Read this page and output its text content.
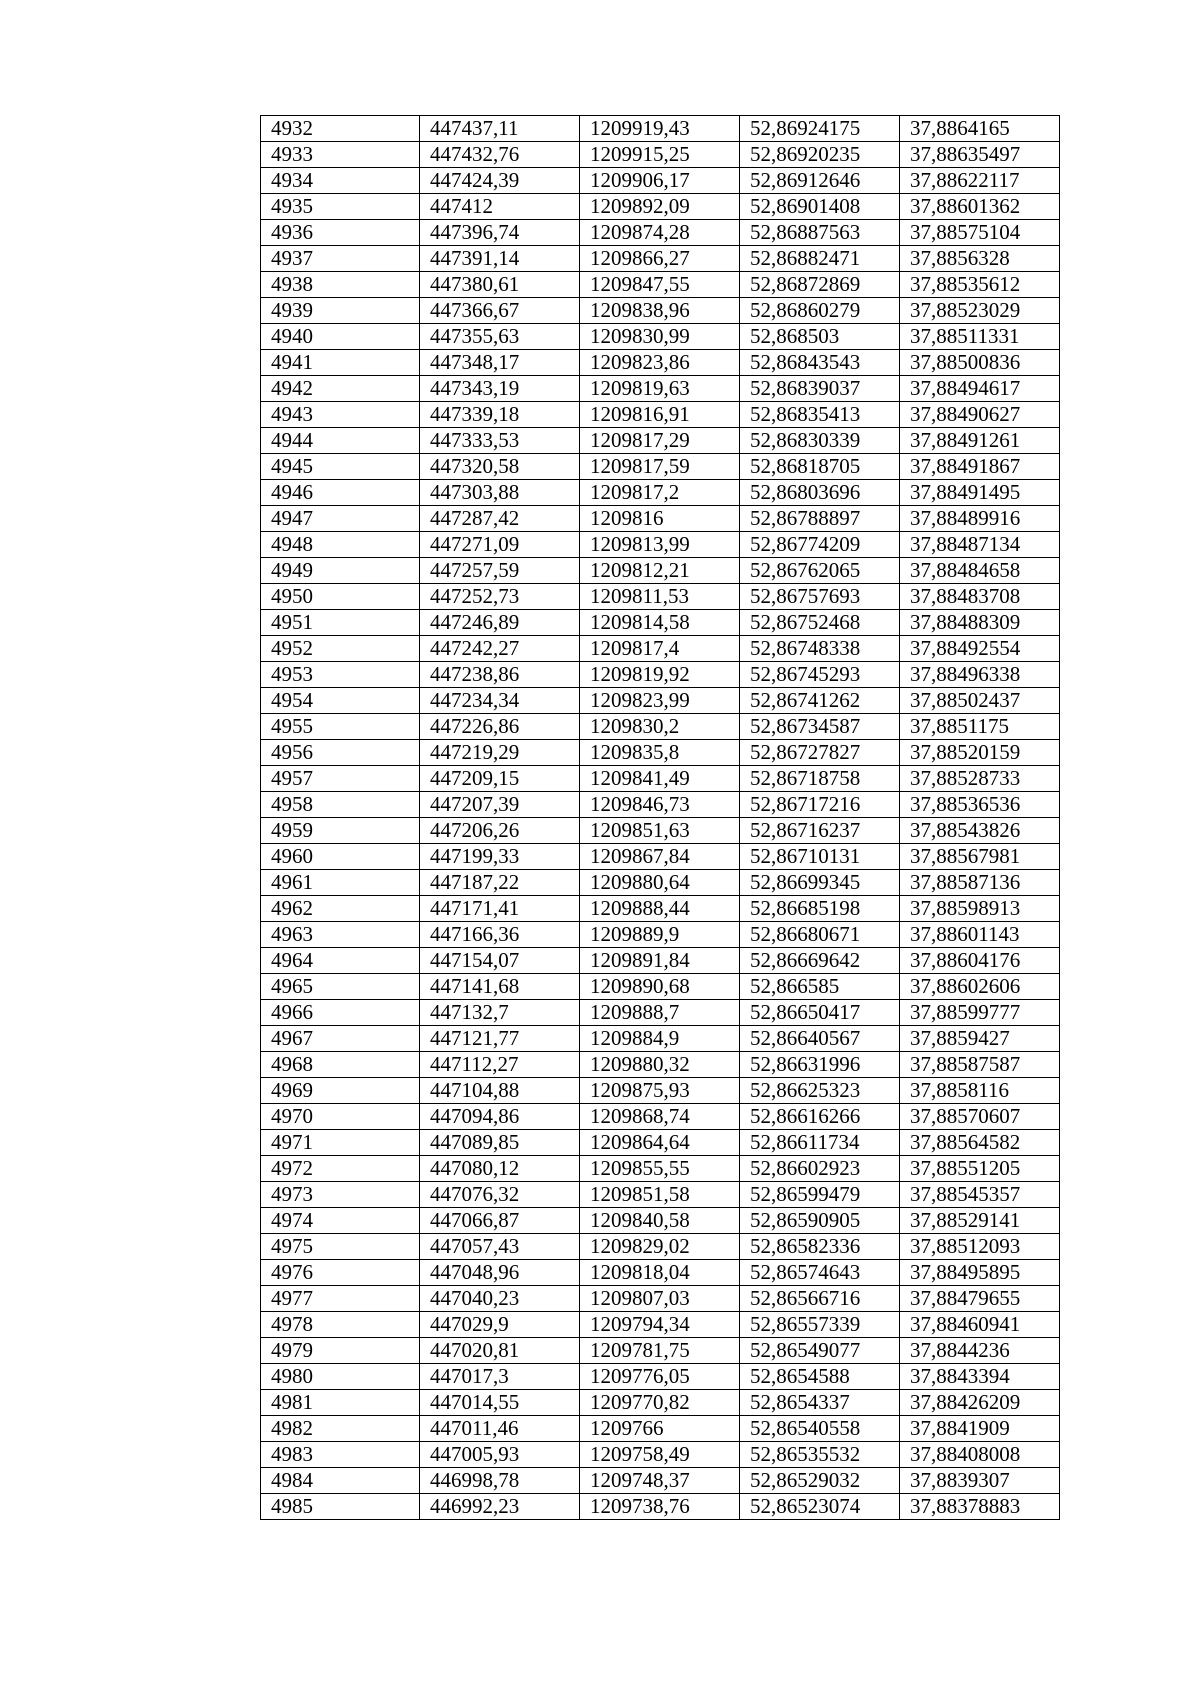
4932	447437,11	1209919,43	52,86924175	37,8864165
4933	447432,76	1209915,25	52,86920235	37,88635497
4934	447424,39	1209906,17	52,86912646	37,88622117
4935	447412	1209892,09	52,86901408	37,88601362
4936	447396,74	1209874,28	52,86887563	37,88575104
4937	447391,14	1209866,27	52,86882471	37,8856328
4938	447380,61	1209847,55	52,86872869	37,88535612
4939	447366,67	1209838,96	52,86860279	37,88523029
4940	447355,63	1209830,99	52,868503	37,88511331
4941	447348,17	1209823,86	52,86843543	37,88500836
4942	447343,19	1209819,63	52,86839037	37,88494617
4943	447339,18	1209816,91	52,86835413	37,88490627
4944	447333,53	1209817,29	52,86830339	37,88491261
4945	447320,58	1209817,59	52,86818705	37,88491867
4946	447303,88	1209817,2	52,86803696	37,88491495
4947	447287,42	1209816	52,86788897	37,88489916
4948	447271,09	1209813,99	52,86774209	37,88487134
4949	447257,59	1209812,21	52,86762065	37,88484658
4950	447252,73	1209811,53	52,86757693	37,88483708
4951	447246,89	1209814,58	52,86752468	37,88488309
4952	447242,27	1209817,4	52,86748338	37,88492554
4953	447238,86	1209819,92	52,86745293	37,88496338
4954	447234,34	1209823,99	52,86741262	37,88502437
4955	447226,86	1209830,2	52,86734587	37,8851175
4956	447219,29	1209835,8	52,86727827	37,88520159
4957	447209,15	1209841,49	52,86718758	37,88528733
4958	447207,39	1209846,73	52,86717216	37,88536536
4959	447206,26	1209851,63	52,86716237	37,88543826
4960	447199,33	1209867,84	52,86710131	37,88567981
4961	447187,22	1209880,64	52,86699345	37,88587136
4962	447171,41	1209888,44	52,86685198	37,88598913
4963	447166,36	1209889,9	52,86680671	37,88601143
4964	447154,07	1209891,84	52,86669642	37,88604176
4965	447141,68	1209890,68	52,866585	37,88602606
4966	447132,7	1209888,7	52,86650417	37,88599777
4967	447121,77	1209884,9	52,86640567	37,8859427
4968	447112,27	1209880,32	52,86631996	37,88587587
4969	447104,88	1209875,93	52,86625323	37,8858116
4970	447094,86	1209868,74	52,86616266	37,88570607
4971	447089,85	1209864,64	52,86611734	37,88564582
4972	447080,12	1209855,55	52,86602923	37,88551205
4973	447076,32	1209851,58	52,86599479	37,88545357
4974	447066,87	1209840,58	52,86590905	37,88529141
4975	447057,43	1209829,02	52,86582336	37,88512093
4976	447048,96	1209818,04	52,86574643	37,88495895
4977	447040,23	1209807,03	52,86566716	37,88479655
4978	447029,9	1209794,34	52,86557339	37,88460941
4979	447020,81	1209781,75	52,86549077	37,8844236
4980	447017,3	1209776,05	52,8654588	37,8843394
4981	447014,55	1209770,82	52,8654337	37,88426209
4982	447011,46	1209766	52,86540558	37,8841909
4983	447005,93	1209758,49	52,86535532	37,88408008
4984	446998,78	1209748,37	52,86529032	37,8839307
4985	446992,23	1209738,76	52,86523074	37,88378883
